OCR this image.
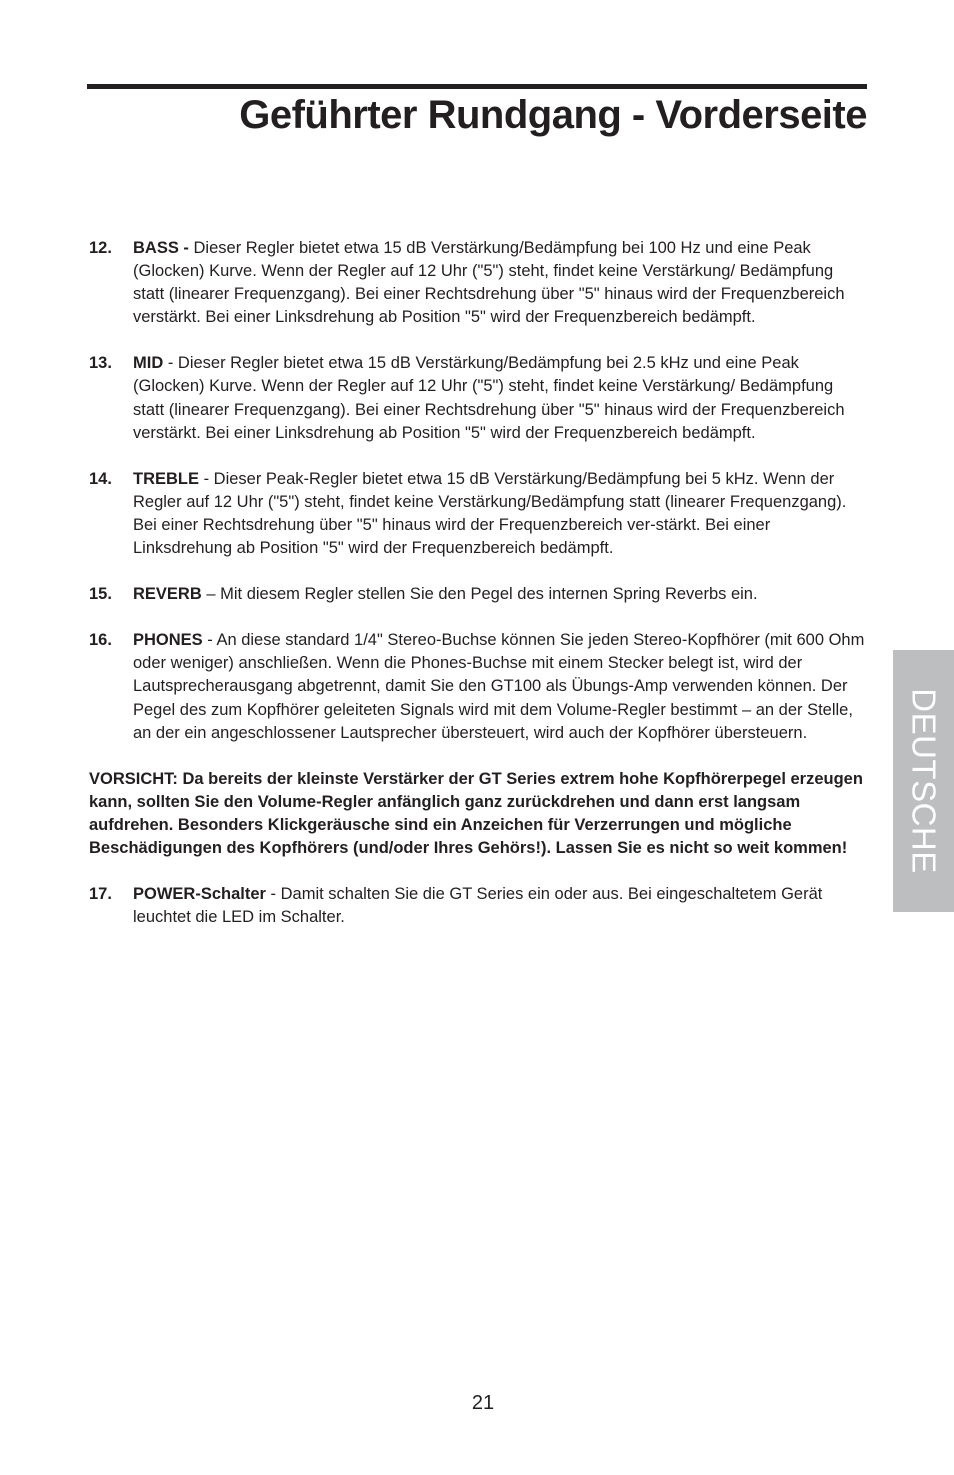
Geführter Rundgang - Vorderseite
12. BASS - Dieser Regler bietet etwa 15 dB Verstärkung/Bedämpfung bei 100 Hz und eine Peak (Glocken) Kurve. Wenn der Regler auf 12 Uhr ("5") steht, findet keine Verstärkung/ Bedämpfung statt (linearer Frequenzgang). Bei einer Rechtsdrehung über "5" hinaus wird der Frequenzbereich verstärkt. Bei einer Linksdrehung ab Position "5" wird der Frequenzbereich bedämpft.
13. MID - Dieser Regler bietet etwa 15 dB Verstärkung/Bedämpfung bei 2.5 kHz und eine Peak (Glocken) Kurve. Wenn der Regler auf 12 Uhr ("5") steht, findet keine Verstärkung/ Bedämpfung statt (linearer Frequenzgang). Bei einer Rechtsdrehung über "5" hinaus wird der Frequenzbereich verstärkt. Bei einer Linksdrehung ab Position "5" wird der Frequenzbereich bedämpft.
14. TREBLE - Dieser Peak-Regler bietet etwa 15 dB Verstärkung/Bedämpfung bei 5 kHz. Wenn der Regler auf 12 Uhr ("5") steht, findet keine Verstärkung/Bedämpfung statt (linearer Frequenzgang). Bei einer Rechtsdrehung über "5" hinaus wird der Frequenzbereich ver-stärkt. Bei einer Linksdrehung ab Position "5" wird der Frequenzbereich bedämpft.
15. REVERB – Mit diesem Regler stellen Sie den Pegel des internen Spring Reverbs ein.
16. PHONES - An diese standard 1/4" Stereo-Buchse können Sie jeden Stereo-Kopfhörer (mit 600 Ohm oder weniger) anschließen. Wenn die Phones-Buchse mit einem Stecker belegt ist, wird der Lautsprecherausgang abgetrennt, damit Sie den GT100 als Übungs-Amp verwenden können. Der Pegel des zum Kopfhörer geleiteten Signals wird mit dem Volume-Regler bestimmt – an der Stelle, an der ein angeschlossener Lautsprecher übersteuert, wird auch der Kopfhörer übersteuern.
VORSICHT: Da bereits der kleinste Verstärker der GT Series extrem hohe Kopfhörerpegel erzeugen kann, sollten Sie den Volume-Regler anfänglich ganz zurückdrehen und dann erst langsam aufdrehen. Besonders Klickgeräusche sind ein Anzeichen für Verzerrungen und mögliche Beschädigungen des Kopfhörers (und/oder Ihres Gehörs!). Lassen Sie es nicht so weit kommen!
17. POWER-Schalter - Damit schalten Sie die GT Series ein oder aus. Bei eingeschaltetem Gerät leuchtet die LED im Schalter.
DEUTSCHE
21
